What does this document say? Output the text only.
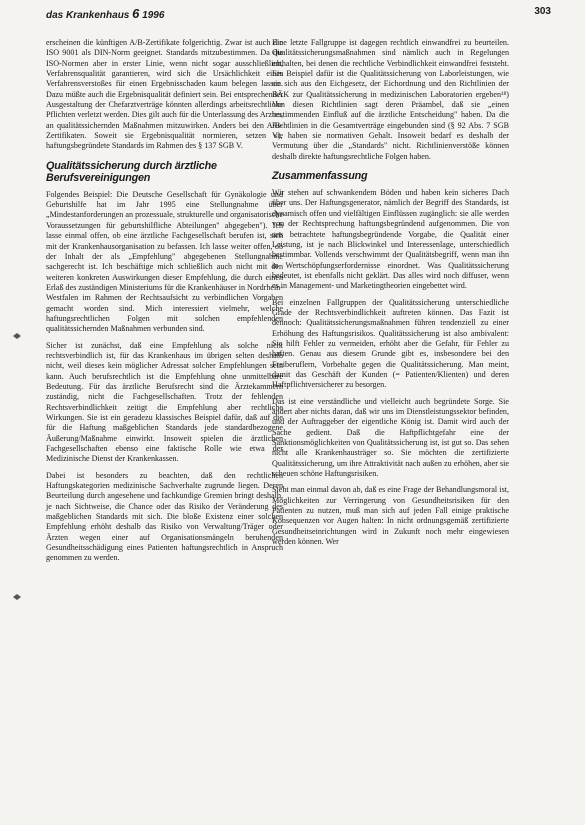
das Krankenhaus 6 1996	303

erscheinen die künftigen A/B-Zertifikate folgerichtig. Zwar ist auch die ISO 9001 als DIN-Norm geeignet. Standards mitzubestimmen. Da die ISO-Normen aber in erster Linie, wenn nicht sogar ausschließlich, Verfahrensqualität garantieren, wird sich die Ursächlichkeit eines Verfahrensverstoßes für einen Ergebnisschaden kaum belegen lassen. Dazu müßte auch die Ergebnisqualität definiert sein. Bei entsprechender Ausgestaltung der Chefarztverträge könnten allerdings arbeitsrechtliche Pflichten verletzt werden. Dies gilt auch für die Unterlassung des Arztes, an qualitätssichernden Maßnahmen mitzuwirken. Anders bei den A/B-Zertifikaten. Soweit sie Ergebnisqualität normieren, setzen sie haftungsbegründete Standards im Rahmen des § 137 SGB V.

Qualitätssicherung durch ärztliche Berufsvereinigungen

Folgendes Beispiel: Die Deutsche Gesellschaft für Gynäkologie und Geburtshilfe hat im Jahr 1995 eine Stellungnahme über „Mindestanforderungen an prozessuale, strukturelle und organisatorische Voraussetzungen für geburtshilfliche Abteilungen" abgegeben"). Ich lasse einmal offen, ob eine ärztliche Fachgesellschaft berufen ist, sich mit der Krankenhausorganisation zu befassen. Ich lasse weiter offen, ob der Inhalt der als „Empfehlung" abgegebenen Stellungnahme sachgerecht ist. Ich beschäftige mich schließlich auch nicht mit den weiteren konkreten Auswirkungen dieser Empfehlung, die durch einen Erlaß des zuständigen Ministeriums für die Krankenhäuser in Nordrhein-Westfalen im Rahmen der Rechtsaufsicht zu verbindlichen Vorgaben gemacht worden sind. Mich interessiert vielmehr, welche haftungsrechtlichen Folgen mit solchen empfehlenden qualitätssichernden Maßnahmen verbunden sind.

Sicher ist zunächst, daß eine Empfehlung als solche nicht rechtsverbindlich ist, für das Krankenhaus im übrigen selten deshalb nicht, weil dieses kein möglicher Adressat solcher Empfehlungen sein kann. Auch berufsrechtlich ist die Empfehlung ohne unmittelbare Bedeutung. Für das ärztliche Berufsrecht sind die Ärztekammern zuständig, nicht die Fachgesellschaften. Trotz der fehlenden Rechtsverbindlichkeit zeitigt die Empfehlung aber rechtliche Wirkungen. Sie ist ein geradezu klassisches Beispiel dafür, daß auf die für die Haftung maßgeblichen Standards jede standardbezogene Äußerung/Maßnahme einwirkt. Insoweit spielen die ärztlichen Fachgesellschaften ebenso eine faktische Rolle wie etwa der Medizinische Dienst der Krankenkassen.

Dabei ist besonders zu beachten, daß den rechtlichen Haftungskategorien medizinische Sachverhalte zugrunde liegen. Deren Beurteilung durch angesehene und fachkundige Gremien bringt deshalb, je nach Sichtweise, die Chance oder das Risiko der Veränderung des maßgeblichen Standards mit sich. Die bloße Existenz einer solchen Empfehlung erhöht deshalb das Risiko von Verwaltung/Träger oder Ärzten wegen einer auf Organisationsmängeln beruhenden Gesundheitsschädigung eines Patienten haftungsrechtlich in Anspruch genommen zu werden.

Eine letzte Fallgruppe ist dagegen rechtlich einwandfrei zu beurteilen. Qualitätssicherungsmaßnahmen sind nämlich auch in Regelungen enthalten, bei denen die rechtliche Verbindlichkeit einwandfrei feststeht. Ein Beispiel dafür ist die Qualitätssicherung von Laborleistungen, wie sie sich aus den Eichgesetz, der Eichordnung und den Richtlinien der BÄK zur Qualitätssicherung in medizinischen Laboratorien ergeben¹⁸) Von diesen Richtlinien sagt deren Präambel, daß sie „einen bestimmenden Einfluß auf die ärztliche Entscheidung" haben. Da die Richtlinien in die Gesamtverträge eingebunden sind (§ 92 Abs. 7 SGB V), haben sie normativen Gehalt. Insoweit bedarf es deshalb der Vermutung über die „Standards" nicht. Richtlinienverstöße können deshalb direkte haftungsrechtliche Folgen haben.

Zusammenfassung

Wir stehen auf schwankendem Böden und haben kein sicheres Dach über uns. Der Haftungsgenerator, nämlich der Begriff des Standards, ist dynamisch offen und vielfältigen Einflüssen zugänglich: sie alle werden von der Rechtsprechung haftungsbegründend aufgenommen. Die von uns betrachtete haftungsbegründende Vorgabe, die Qualität einer Leistung, ist je nach Blickwinkel und Interessenlage, unterschiedlich bestimmbar. Vollends verschwimmt der Qualitätsbegriff, wenn man ihn in Wertschöpfungserfordernisse einordnet. Was Qualitätssicherung bedeutet, ist ebenfalls nicht geklärt. Das alles wird noch diffuser, wenn es in Management- und Marketingtheorien eingebettet wird.

Bei einzelnen Fallgruppen der Qualitätssicherung unterschiedliche Grade der Rechtsverbindlichkeit auftreten können. Das Fazit ist dennoch: Qualitätssicherungsmaßnahmen führen tendenziell zu einer Erhöhung des Haftungsrisikos. Qualitätssicherung ist also ambivalent: Sie hilft Fehler zu vermeiden, erhöht aber die Gefahr, für Fehler zu haften. Genau aus diesem Grunde gibt es, insbesondere bei den Freiberuflern, Vorbehalte gegen die Qualitätssicherung. Man meint, damit das Geschäft der Kunden (= Patienten/Klienten) und deren Haftpflichtversicherer zu besorgen.

Das ist eine verständliche und vielleicht auch begründete Sorge. Sie ändert aber nichts daran, daß wir uns im Dienstleistungssektor befinden, und der Auftraggeber der eigentliche König ist. Damit wird auch der Sache gedient. Daß die Haftpflichtgefahr eine der Sanktionsmöglichkeiten von Qualitätssicherung ist, ist gut so. Das sehen nicht alle Krankenhausträger so. Sie möchten die zertifizierte Qualitätssicherung, um ihre Attraktivität nach außen zu erhöhen, aber sie scheuen schöne Haftungsrisiken.

Sieht man einmal davon ab, daß es eine Frage der Behandlungsmoral ist, Möglichkeiten zur Verringerung von Gesundheitsrisiken für den Patienten zu nutzen, muß man sich auf jeden Fall einige praktische Konsequenzen vor Augen halten: In nicht ordnungsgemäß zertifizierte Gesundheitseinrichtungen wird in Zukunft noch mehr eingewiesen werden können. Wer
